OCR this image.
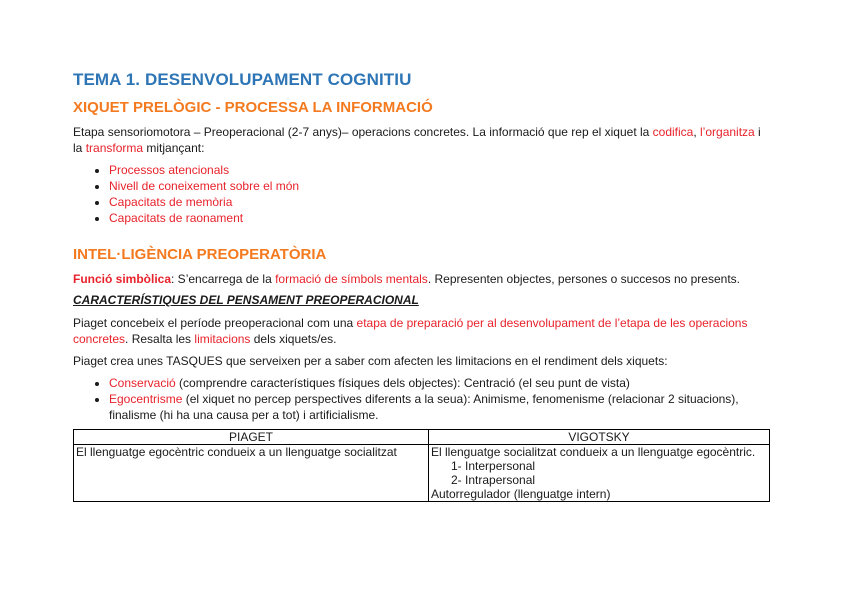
TEMA 1. DESENVOLUPAMENT COGNITIU
XIQUET PRELÒGIC - PROCESSA LA INFORMACIÓ

Etapa sensoriomotora – Preoperacional (2-7 anys)– operacions concretes. La informació que rep el xiquet la codifica, l’organitza i la transforma mitjançant:

• Processos atencionals
• Nivell de coneixement sobre el món
• Capacitats de memòria
• Capacitats de raonament
INTEL·LIGÈNCIA PREOPERATÒRIA

Funció simbòlica: S’encarrega de la formació de símbols mentals. Representen objectes, persones o succesos no presents.

CARACTERÍSTIQUES DEL PENSAMENT PREOPERACIONAL

Piaget concebeix el període preoperacional com una etapa de preparació per al desenvolupament de l’etapa de les operacions concretes. Resalta les limitacions dels xiquets/es.

Piaget crea unes TASQUES que serveixen per a saber com afecten les limitacions en el rendiment dels xiquets:

• Conservació (comprendre característiques físiques dels objectes): Centració (el seu punt de vista)
• Egocentrisme (el xiquet no percep perspectives diferents a la seua): Animisme, fenomenisme (relacionar 2 situacions), finalisme (hi ha una causa per a tot) i artificialisme.
PIAGET	VIGOTSKY
El llenguatge egocèntric condueix a un llenguatge socialitzat	El llenguatge socialitzat condueix a un llenguatge egocèntric.
1- Interpersonal
2- Intrapersonal
Autorregulador (llenguatge intern)
